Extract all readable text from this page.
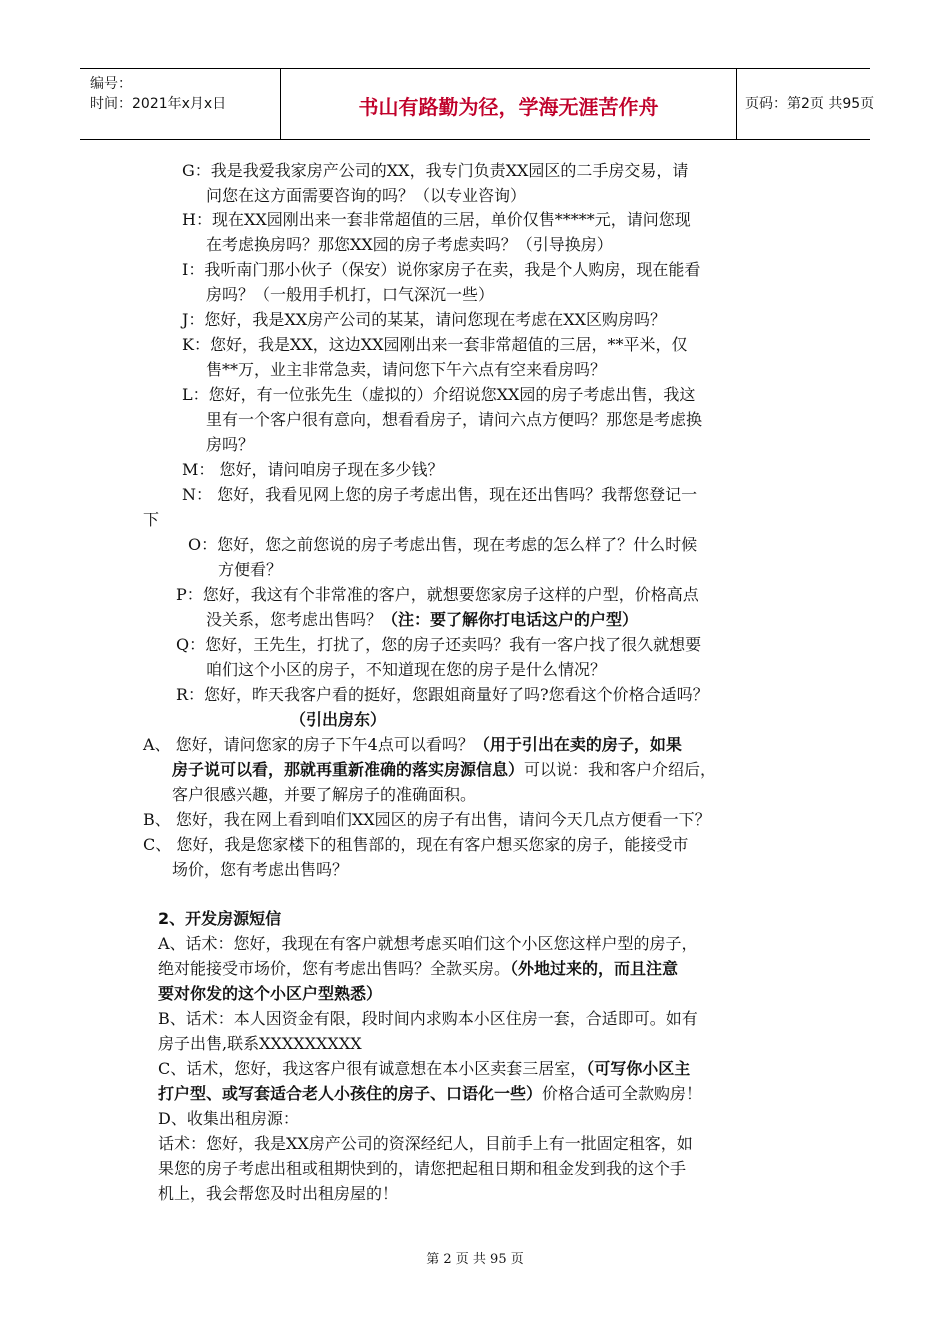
编号：
时间：2021年x月x日	书山有路勤为径，学海无涯苦作舟	页码：第2页 共95页
G：我是我爱我家房产公司的XX，我专门负责XX园区的二手房交易，请
问您在这方面需要咨询的吗？（以专业咨询）
H：现在XX园刚出来一套非常超值的三居，单价仅售*****元，请问您现
在考虑换房吗？那您XX园的房子考虑卖吗？（引导换房）
I：我听南门那小伙子（保安）说你家房子在卖，我是个人购房，现在能看
房吗？（一般用手机打，口气深沉一些）
J：您好，我是XX房产公司的某某，请问您现在考虑在XX区购房吗？
K：您好，我是XX，这边XX园刚出来一套非常超值的三居，**平米，仅
售**万，业主非常急卖，请问您下午六点有空来看房吗？
L：您好，有一位张先生（虚拟的）介绍说您XX园的房子考虑出售，我这
里有一个客户很有意向，想看看房子，请问六点方便吗？那您是考虑换
房吗？
M： 您好，请问咱房子现在多少钱？
N： 您好，我看见网上您的房子考虑出售，现在还出售吗？我帮您登记一
下
O：您好，您之前您说的房子考虑出售，现在考虑的怎么样了？什么时候
方便看？
P：您好，我这有个非常准的客户，就想要您家房子这样的户型，价格高点
没关系，您考虑出售吗？（注：要了解你打电话这户的户型）
Q：您好，王先生，打扰了，您的房子还卖吗？我有一客户找了很久就想要
咱们这个小区的房子，不知道现在您的房子是什么情况？
R：您好，昨天我客户看的挺好，您跟姐商量好了吗?您看这个价格合适吗？
（引出房东）
A、 您好，请问您家的房子下午4点可以看吗？（用于引出在卖的房子，如果
房子说可以看，那就再重新准确的落实房源信息）可以说：我和客户介绍后，
客户很感兴趣，并要了解房子的准确面积。
B、 您好，我在网上看到咱们XX园区的房子有出售，请问今天几点方便看一下？
C、 您好，我是您家楼下的租售部的，现在有客户想买您家的房子，能接受市
场价，您有考虑出售吗？
2、开发房源短信
A、话术：您好，我现在有客户就想考虑买咱们这个小区您这样户型的房子，
绝对能接受市场价，您有考虑出售吗？全款买房。（外地过来的，而且注意
要对你发的这个小区户型熟悉）
B、话术：本人因资金有限，段时间内求购本小区住房一套，合适即可。如有
房子出售,联系XXXXXXXXX
C、话术，您好，我这客户很有诚意想在本小区卖套三居室，（可写你小区主
打户型、或写套适合老人小孩住的房子、口语化一些）价格合适可全款购房！
D、收集出租房源：
话术：您好，我是XX房产公司的资深经纪人，目前手上有一批固定租客，如
果您的房子考虑出租或租期快到的，请您把起租日期和租金发到我的这个手
机上，我会帮您及时出租房屋的！
第 2 页 共 95 页
